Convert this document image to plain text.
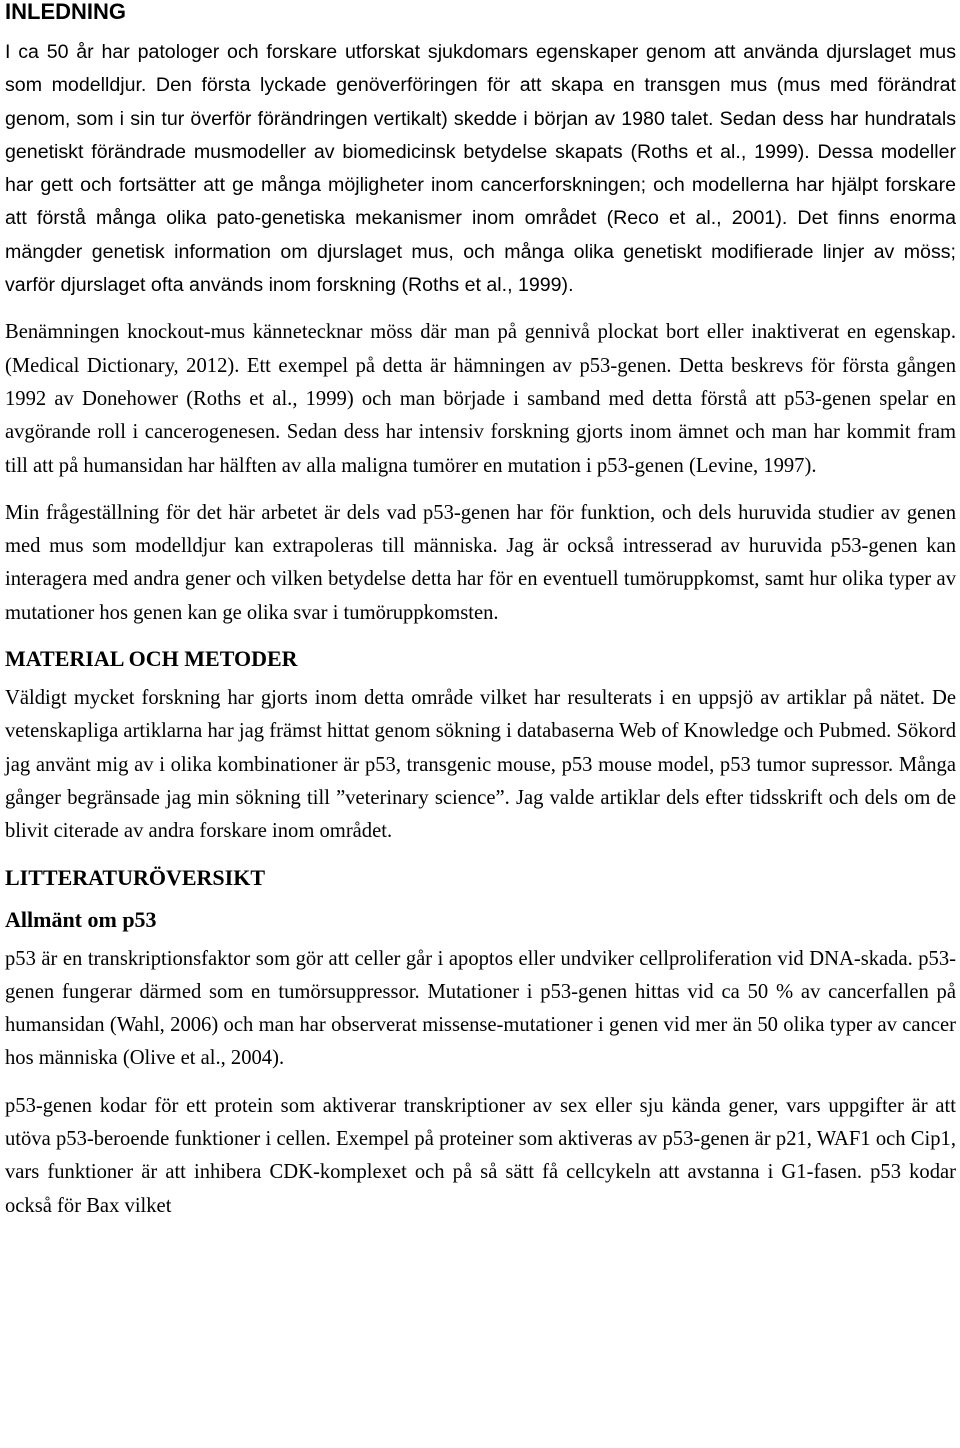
INLEDNING

I ca 50 år har patologer och forskare utforskat sjukdomars egenskaper genom att använda djurslaget mus som modelldjur. Den första lyckade genöverföringen för att skapa en transgen mus (mus med förändrat genom, som i sin tur överför förändringen vertikalt) skedde i början av 1980 talet. Sedan dess har hundratals genetiskt förändrade musmodeller av biomedicinsk betydelse skapats (Roths et al., 1999). Dessa modeller har gett och fortsätter att ge många möjligheter inom cancerforskningen; och modellerna har hjälpt forskare att förstå många olika pato-genetiska mekanismer inom området (Reco et al., 2001). Det finns enorma mängder genetisk information om djurslaget mus, och många olika genetiskt modifierade linjer av möss; varför djurslaget ofta används inom forskning (Roths et al., 1999).

Benämningen knockout-mus kännetecknar möss där man på gennivå plockat bort eller inaktiverat en egenskap. (Medical Dictionary, 2012). Ett exempel på detta är hämningen av p53-genen. Detta beskrevs för första gången 1992 av Donehower (Roths et al., 1999) och man började i samband med detta förstå att p53-genen spelar en avgörande roll i cancerogenesen. Sedan dess har intensiv forskning gjorts inom ämnet och man har kommit fram till att på humansidan har hälften av alla maligna tumörer en mutation i p53-genen (Levine, 1997).

Min frågeställning för det här arbetet är dels vad p53-genen har för funktion, och dels huruvida studier av genen med mus som modelldjur kan extrapoleras till människa. Jag är också intresserad av huruvida p53-genen kan interagera med andra gener och vilken betydelse detta har för en eventuell tumöruppkomst, samt hur olika typer av mutationer hos genen kan ge olika svar i tumöruppkomsten.

MATERIAL OCH METODER

Väldigt mycket forskning har gjorts inom detta område vilket har resulterats i en uppsjö av artiklar på nätet. De vetenskapliga artiklarna har jag främst hittat genom sökning i databaserna Web of Knowledge och Pubmed. Sökord jag använt mig av i olika kombinationer är p53, transgenic mouse, p53 mouse model, p53 tumor supressor. Många gånger begränsade jag min sökning till ”veterinary science”. Jag valde artiklar dels efter tidsskrift och dels om de blivit citerade av andra forskare inom området.

LITTERATURÖVERSIKT
Allmänt om p53

p53 är en transkriptionsfaktor som gör att celler går i apoptos eller undviker cellproliferation vid DNA-skada. p53-genen fungerar därmed som en tumörsuppressor. Mutationer i p53-genen hittas vid ca 50 % av cancerfallen på humansidan (Wahl, 2006) och man har observerat missense-mutationer i genen vid mer än 50 olika typer av cancer hos människa (Olive et al., 2004).

p53-genen kodar för ett protein som aktiverar transkriptioner av sex eller sju kända gener, vars uppgifter är att utöva p53-beroende funktioner i cellen. Exempel på proteiner som aktiveras av p53-genen är p21, WAF1 och Cip1, vars funktioner är att inhibera CDK-komplexet och på så sätt få cellcykeln att avstanna i G1-fasen. p53 kodar också för Bax vilket
